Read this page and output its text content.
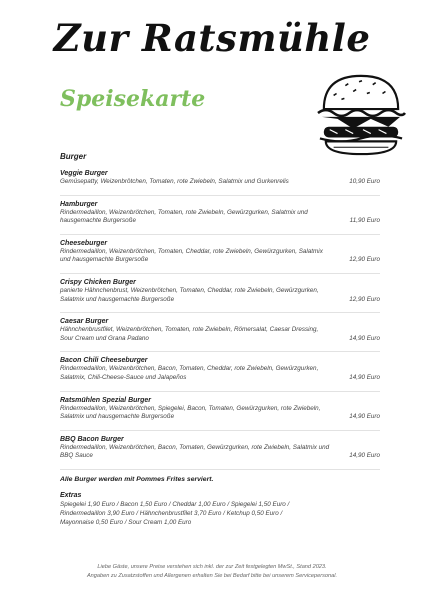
Zur Ratsmühle
Speisekarte
Burger
Veggie Burger
Gemüsepatty, Weizenbrötchen, Tomaten, rote Zwiebeln, Salatmix und Gurkenrelis	10,90 Euro
Hamburger
Rindermedaillon, Weizenbrötchen, Tomaten, rote Zwiebeln, Gewürzgurken, Salatmix und hausgemachte Burgersoße	11,90 Euro
Cheeseburger
Rindermedaillon, Weizenbrötchen, Tomaten, Cheddar, rote Zwiebeln, Gewürzgurken, Salatmix und hausgemachte Burgersoße	12,90 Euro
Crispy Chicken Burger
panierte Hähnchenbrust, Weizenbrötchen, Tomaten, Cheddar, rote Zwiebeln, Gewürzgurken, Salatmix und hausgemachte Burgersoße	12,90 Euro
Caesar Burger
Hähnchenbrustfilet, Weizenbrötchen, Tomaten, rote Zwiebeln, Römersalat, Caesar Dressing, Sour Cream und Grana Padano	14,90 Euro
Bacon Chili Cheeseburger
Rindermedaillon, Weizenbrötchen, Bacon, Tomaten, Cheddar, rote Zwiebeln, Gewürzgurken, Salatmix, Chili-Cheese-Sauce und Jalapeños	14,90 Euro
Ratsmühlen Spezial Burger
Rindermedaillon, Weizenbrötchen, Spiegelei, Bacon, Tomaten, Gewürzgurken, rote Zwiebeln, Salatmix und hausgemachte Burgersoße	14,90 Euro
BBQ Bacon Burger
Rindermedaillon, Weizenbrötchen, Bacon, Tomaten, Gewürzgurken, rote Zwiebeln, Salatmix und BBQ Sauce	14,90 Euro
Alle Burger werden mit Pommes Frites serviert.
Extras
Spiegelei 1,90 Euro / Bacon 1,50 Euro / Cheddar 1,00 Euro / Spiegelei 1,50 Euro /
Rindermedaillon 3,90 Euro / Hähnchenbrustfilet 3,70 Euro / Ketchup 0,50 Euro /
Mayonnaise 0,50 Euro / Sour Cream 1,00 Euro
Liebe Gäste, unsere Preise verstehen sich inkl. der zur Zeit festgelegten MwSt., Stand 2023.
Angaben zu Zusatzstoffen und Allergenen erhalten Sie bei Bedarf bitte bei unserem Servicepersonal.
